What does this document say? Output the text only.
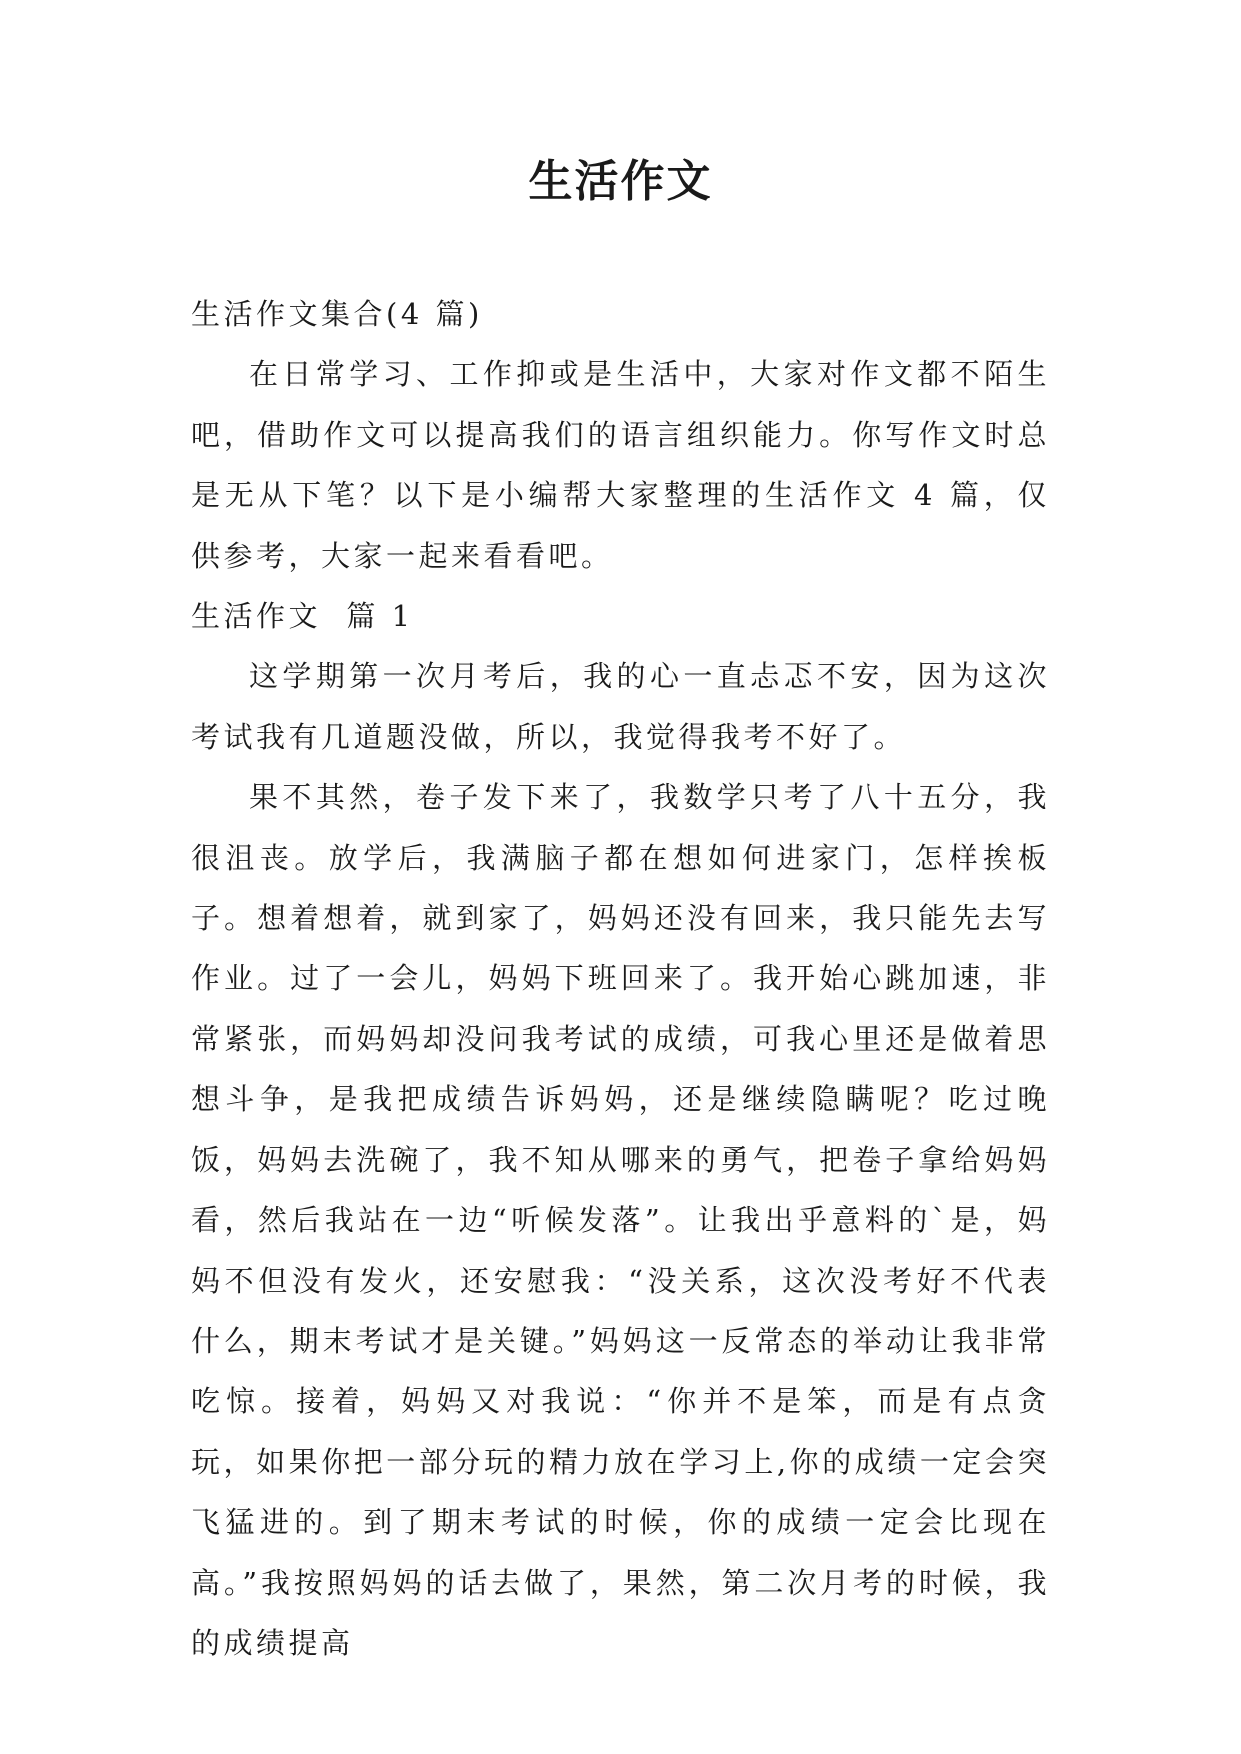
生活作文

生活作文集合(4 篇)

在日常学习、工作抑或是生活中，大家对作文都不陌生吧，借助作文可以提高我们的语言组织能力。你写作文时总是无从下笔？以下是小编帮大家整理的生活作文 4 篇，仅供参考，大家一起来看看吧。

生活作文  篇 1

这学期第一次月考后，我的心一直忐忑不安，因为这次考试我有几道题没做，所以，我觉得我考不好了。

果不其然，卷子发下来了，我数学只考了八十五分，我很沮丧。放学后，我满脑子都在想如何进家门，怎样挨板子。想着想着，就到家了，妈妈还没有回来，我只能先去写作业。过了一会儿，妈妈下班回来了。我开始心跳加速，非常紧张，而妈妈却没问我考试的成绩，可我心里还是做着思想斗争，是我把成绩告诉妈妈，还是继续隐瞒呢？吃过晚饭，妈妈去洗碗了，我不知从哪来的勇气，把卷子拿给妈妈看，然后我站在一边“听候发落”。让我出乎意料的`是，妈妈不但没有发火，还安慰我：“没关系，这次没考好不代表什么，期末考试才是关键。”妈妈这一反常态的举动让我非常吃惊。接着，妈妈又对我说：“你并不是笨，而是有点贪玩，如果你把一部分玩的精力放在学习上,你的成绩一定会突飞猛进的。到了期末考试的时候，你的成绩一定会比现在高。”我按照妈妈的话去做了，果然，第二次月考的时候，我的成绩提高
